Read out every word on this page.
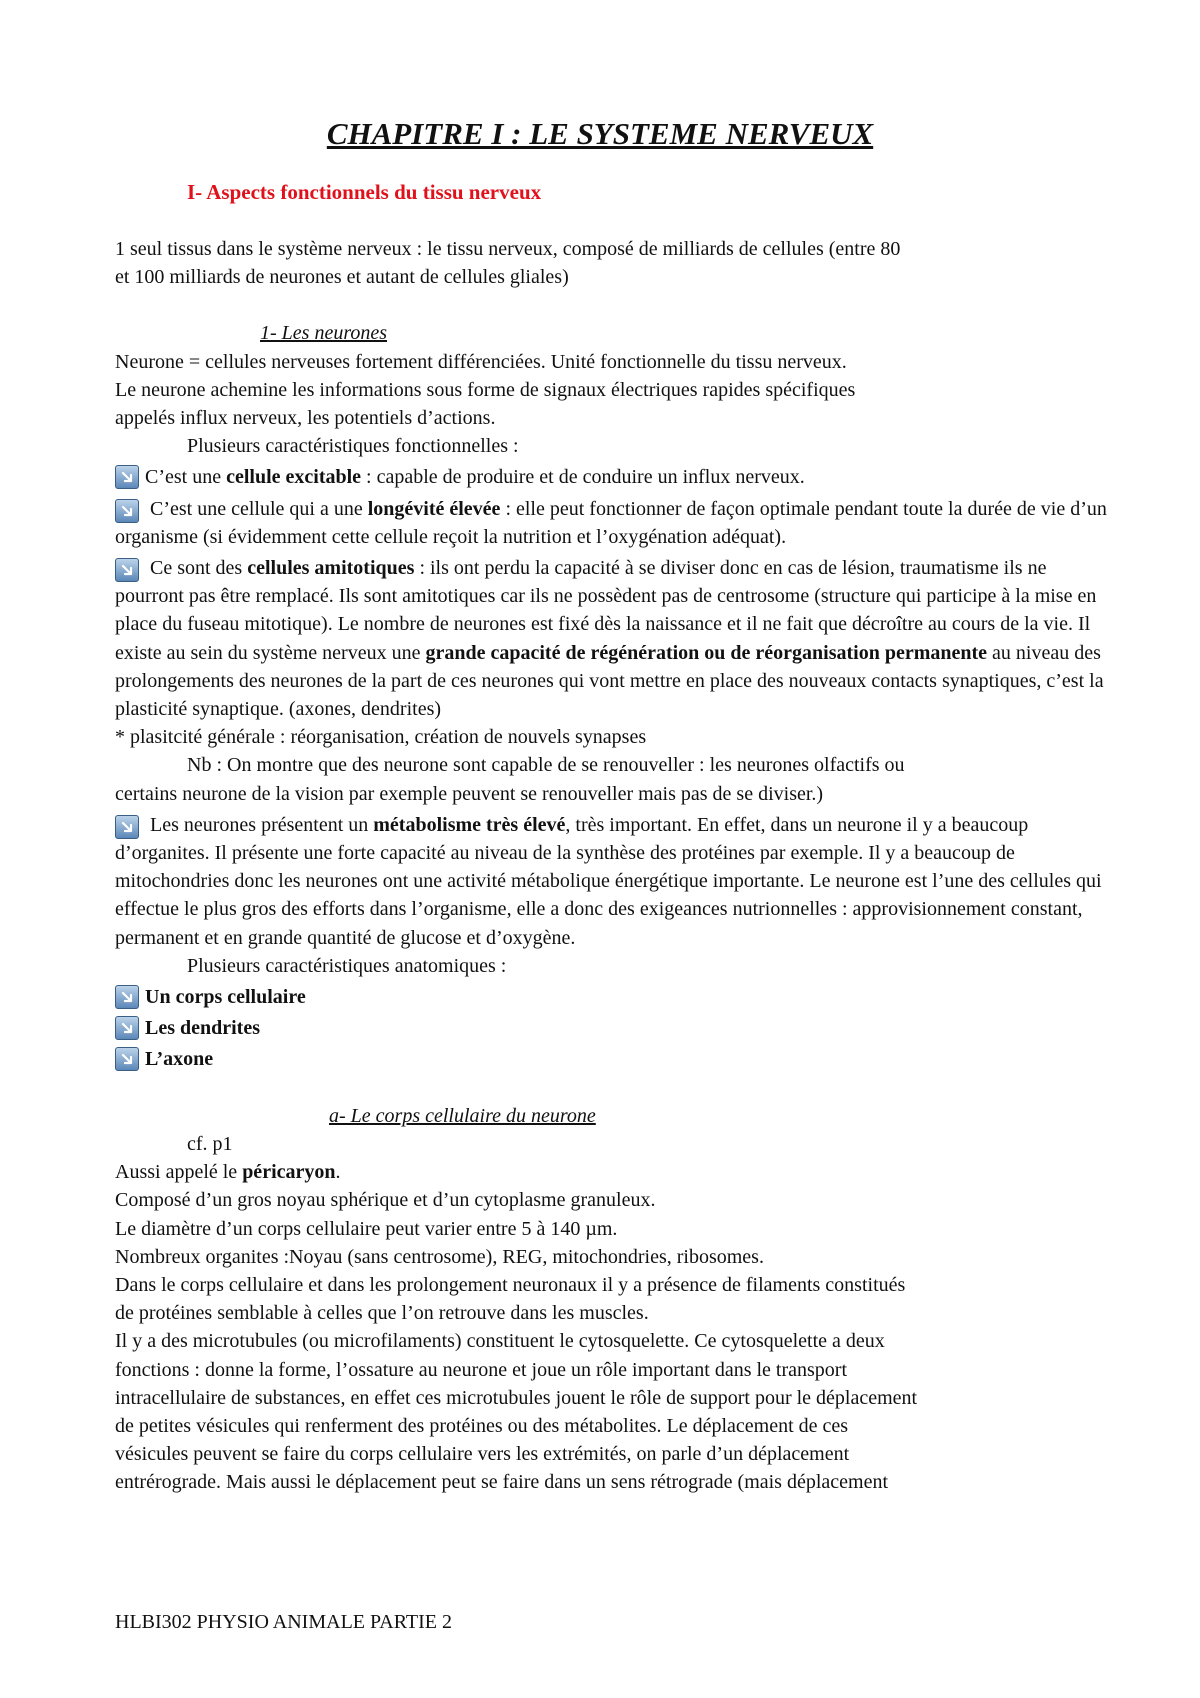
CHAPITRE I : LE SYSTEME NERVEUX
I- Aspects fonctionnels du tissu nerveux

1 seul tissus dans le système nerveux : le tissu nerveux, composé de milliards de cellules (entre 80

et 100 milliards de neurones et autant de cellules gliales)

1- Les neurones

Neurone = cellules nerveuses fortement différenciées. Unité fonctionnelle du tissu nerveux.

Le neurone achemine les informations sous forme de signaux électriques rapides spécifiques

appelés influx nerveux, les potentiels d’actions.

Plusieurs caractéristiques fonctionnelles :

C’est une cellule excitable : capable de produire et de conduire un influx nerveux.
C’est une cellule qui a une longévité élevée : elle peut fonctionner de façon optimale pendant toute la durée de vie d’un organisme (si évidemment cette cellule reçoit la nutrition et l’oxygénation adéquat).
Ce sont des cellules amitotiques : ils ont perdu la capacité à se diviser donc en cas de lésion, traumatisme ils ne pourront pas être remplacé. Ils sont amitotiques car ils ne possèdent pas de centrosome (structure qui participe à la mise en place du fuseau mitotique). Le nombre de neurones est fixé dès la naissance et il ne fait que décroître au cours de la vie. Il existe au sein du système nerveux une grande capacité de régénération ou de réorganisation permanente au niveau des prolongements des neurones de la part de ces neurones qui vont mettre en place des nouveaux contacts synaptiques, c’est la plasticité synaptique. (axones, dendrites)

* plasitcité générale : réorganisation, création de nouvels synapses

Nb : On montre que des neurone sont capable de se renouveller : les neurones olfactifs ou

certains neurone de la vision par exemple peuvent se renouveller mais pas de se diviser.)

Les neurones présentent un métabolisme très élevé, très important. En effet, dans un neurone il y a beaucoup d’organites. Il présente une forte capacité au niveau de la synthèse des protéines par exemple. Il y a beaucoup de mitochondries donc les neurones ont une activité métabolique énergétique importante. Le neurone est l’une des cellules qui effectue le plus gros des efforts dans l’organisme, elle a donc des exigeances nutrionnelles : approvisionnement constant, permanent et en grande quantité de glucose et d’oxygène.

Plusieurs caractéristiques anatomiques :

Un corps cellulaire
Les dendrites
L’axone

a- Le corps cellulaire du neurone

cf. p1

Aussi appelé le péricaryon.

Composé d’un gros noyau sphérique et d’un cytoplasme granuleux.

Le diamètre d’un corps cellulaire peut varier entre 5 à 140 µm.

Nombreux organites :Noyau (sans centrosome), REG, mitochondries, ribosomes.

Dans le corps cellulaire et dans les prolongement neuronaux il y a présence de filaments constitués

de protéines semblable à celles que l’on retrouve dans les muscles.

Il y a des microtubules (ou microfilaments) constituent le cytosquelette. Ce cytosquelette a deux

fonctions : donne la forme, l’ossature au neurone et joue un rôle important dans le transport

intracellulaire de substances, en effet ces microtubules jouent le rôle de support pour le déplacement

de petites vésicules qui renferment des protéines ou des métabolites. Le déplacement de ces

vésicules peuvent se faire du corps cellulaire vers les extrémités, on parle d’un déplacement

entrérograde. Mais aussi le déplacement peut se faire dans un sens rétrograde (mais déplacement

HLBI302 PHYSIO ANIMALE PARTIE 2
